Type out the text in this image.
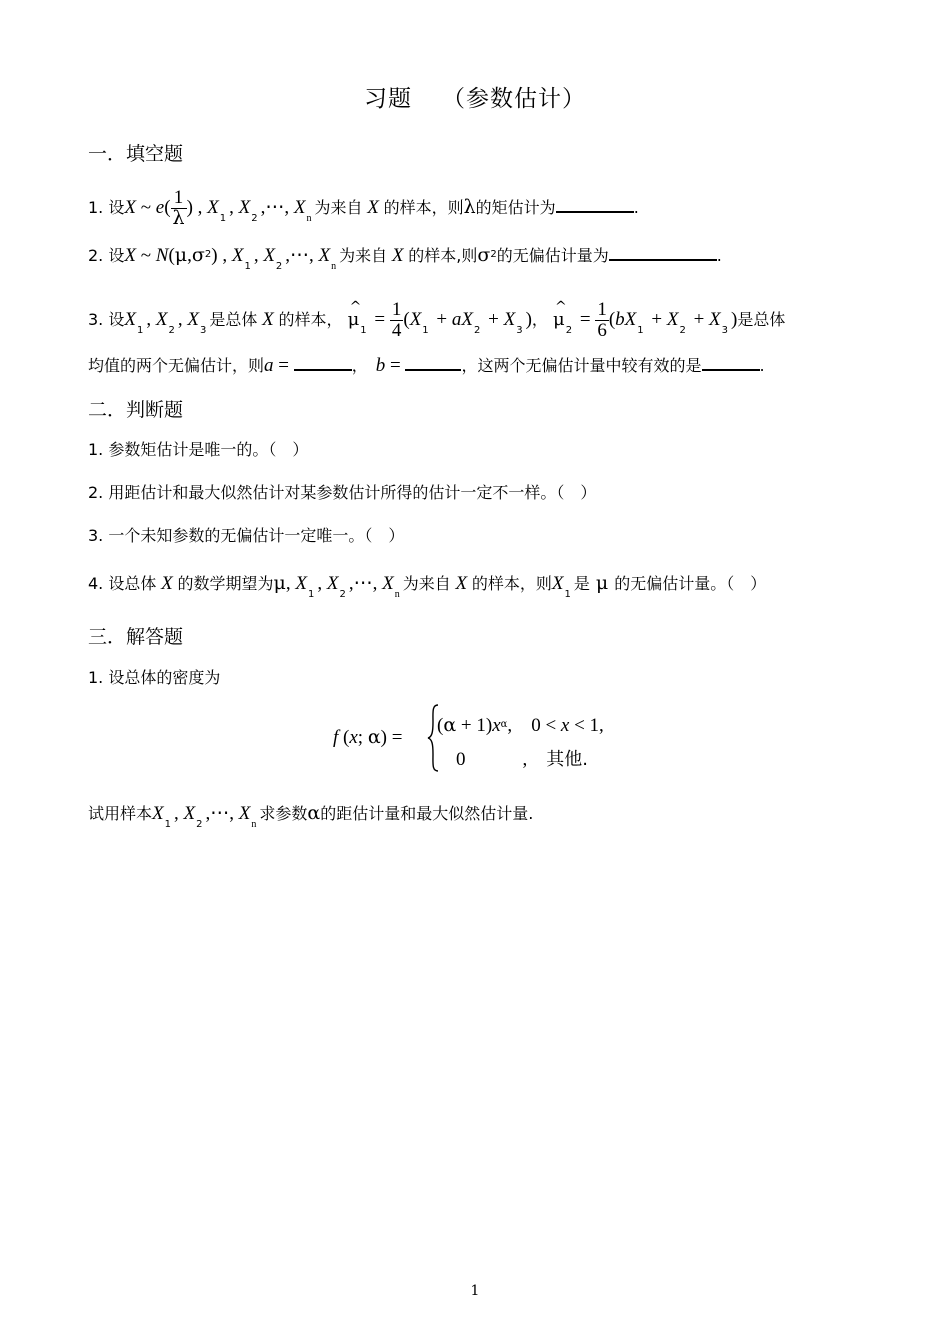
习题 （参数估计）
一．填空题
1. 设X ~ $e( \frac{1}{\lambda}$ ) , $X_1$, $X_2,\cdots$, $X_n$为来自 X 的样本，则λ的矩估计为	.
2. 设X ~ $N(\mu,\sigma^2)$ , $X_1$, $X_2,\cdots$, $X_n$为来自 X 的样本,则$\sigma^2$的无偏估计量为	.
3. 设$X_1$, $X_2$, $X_3$是总体 X 的样本， ^ $\mu_1 = \frac{1}{4} (X_1 + aX_2 + X_3)$， ^ $\mu_2 = \frac{1}{6} (bX_1 + X_2 + X_3)$是总体
均值的两个无偏估计，则a =	，　 b =	，这两个无偏估计量中较有效的是	.
二．判断题
1. 参数矩估计是唯一的。（　）
2. 用距估计和最大似然估计对某参数估计所得的估计一定不一样。（　）
3. 一个未知参数的无偏估计一定唯一。（　）
4. 设总体 X 的数学期望为μ, $X_1$, $X_2,\cdots$, $X_n$为来自 X 的样本，则$X_1$是 μ 的无偏估计量。（　）
三．解答题
1. 设总体的密度为
f (x; α) =
$(\alpha + 1)x^\alpha$,　0 < x < 1,
　0　　　,　其他.
试用样本$X_1$, $X_2,\cdots$, $X_n$求参数α的距估计量和最大似然估计量.
1
